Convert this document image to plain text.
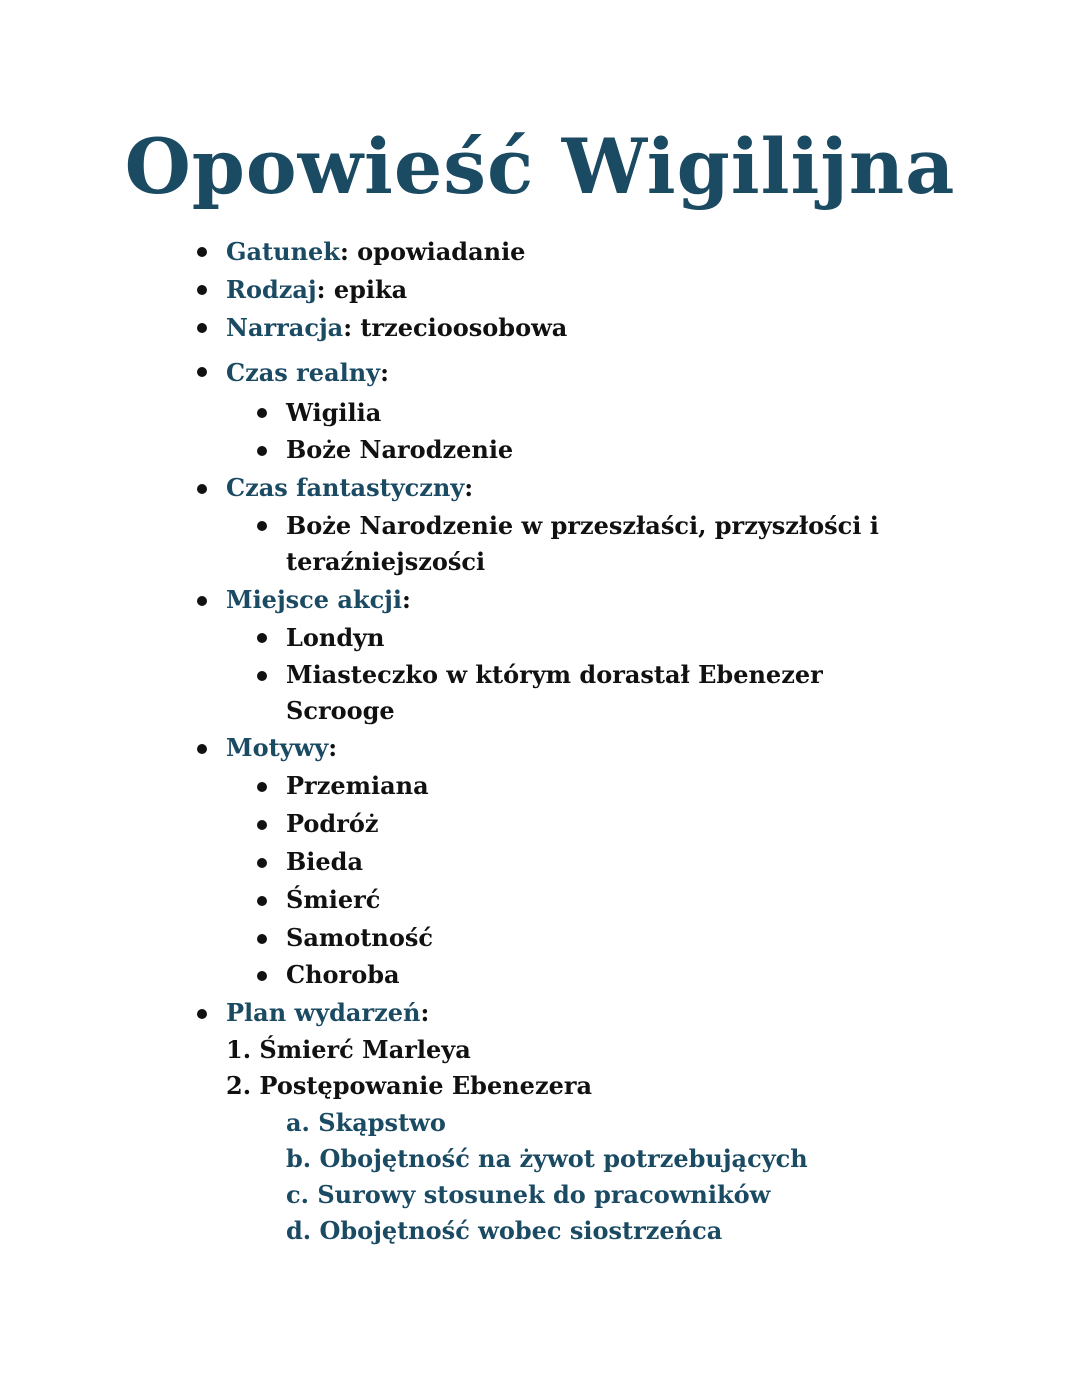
Opowieść Wigilijna
Gatunek: opowiadanie
Rodzaj: epika
Narracja: trzecioosobowa
Czas realny:
Wigilia
Boże Narodzenie
Czas fantastyczny:
Boże Narodzenie w przeszłaści, przyszłości i
teraźniejszości
Miejsce akcji:
Londyn
Miasteczko w którym dorastał Ebenezer
Scrooge
Motywy:
Przemiana
Podróż
Bieda
Śmierć
Samotność
Choroba
Plan wydarzeń:
1. Śmierć Marleya
2. Postępowanie Ebenezera
a. Skąpstwo
b. Obojętność na żywot potrzebujących
c. Surowy stosunek do pracowników
d. Obojętność wobec siostrzeńca
